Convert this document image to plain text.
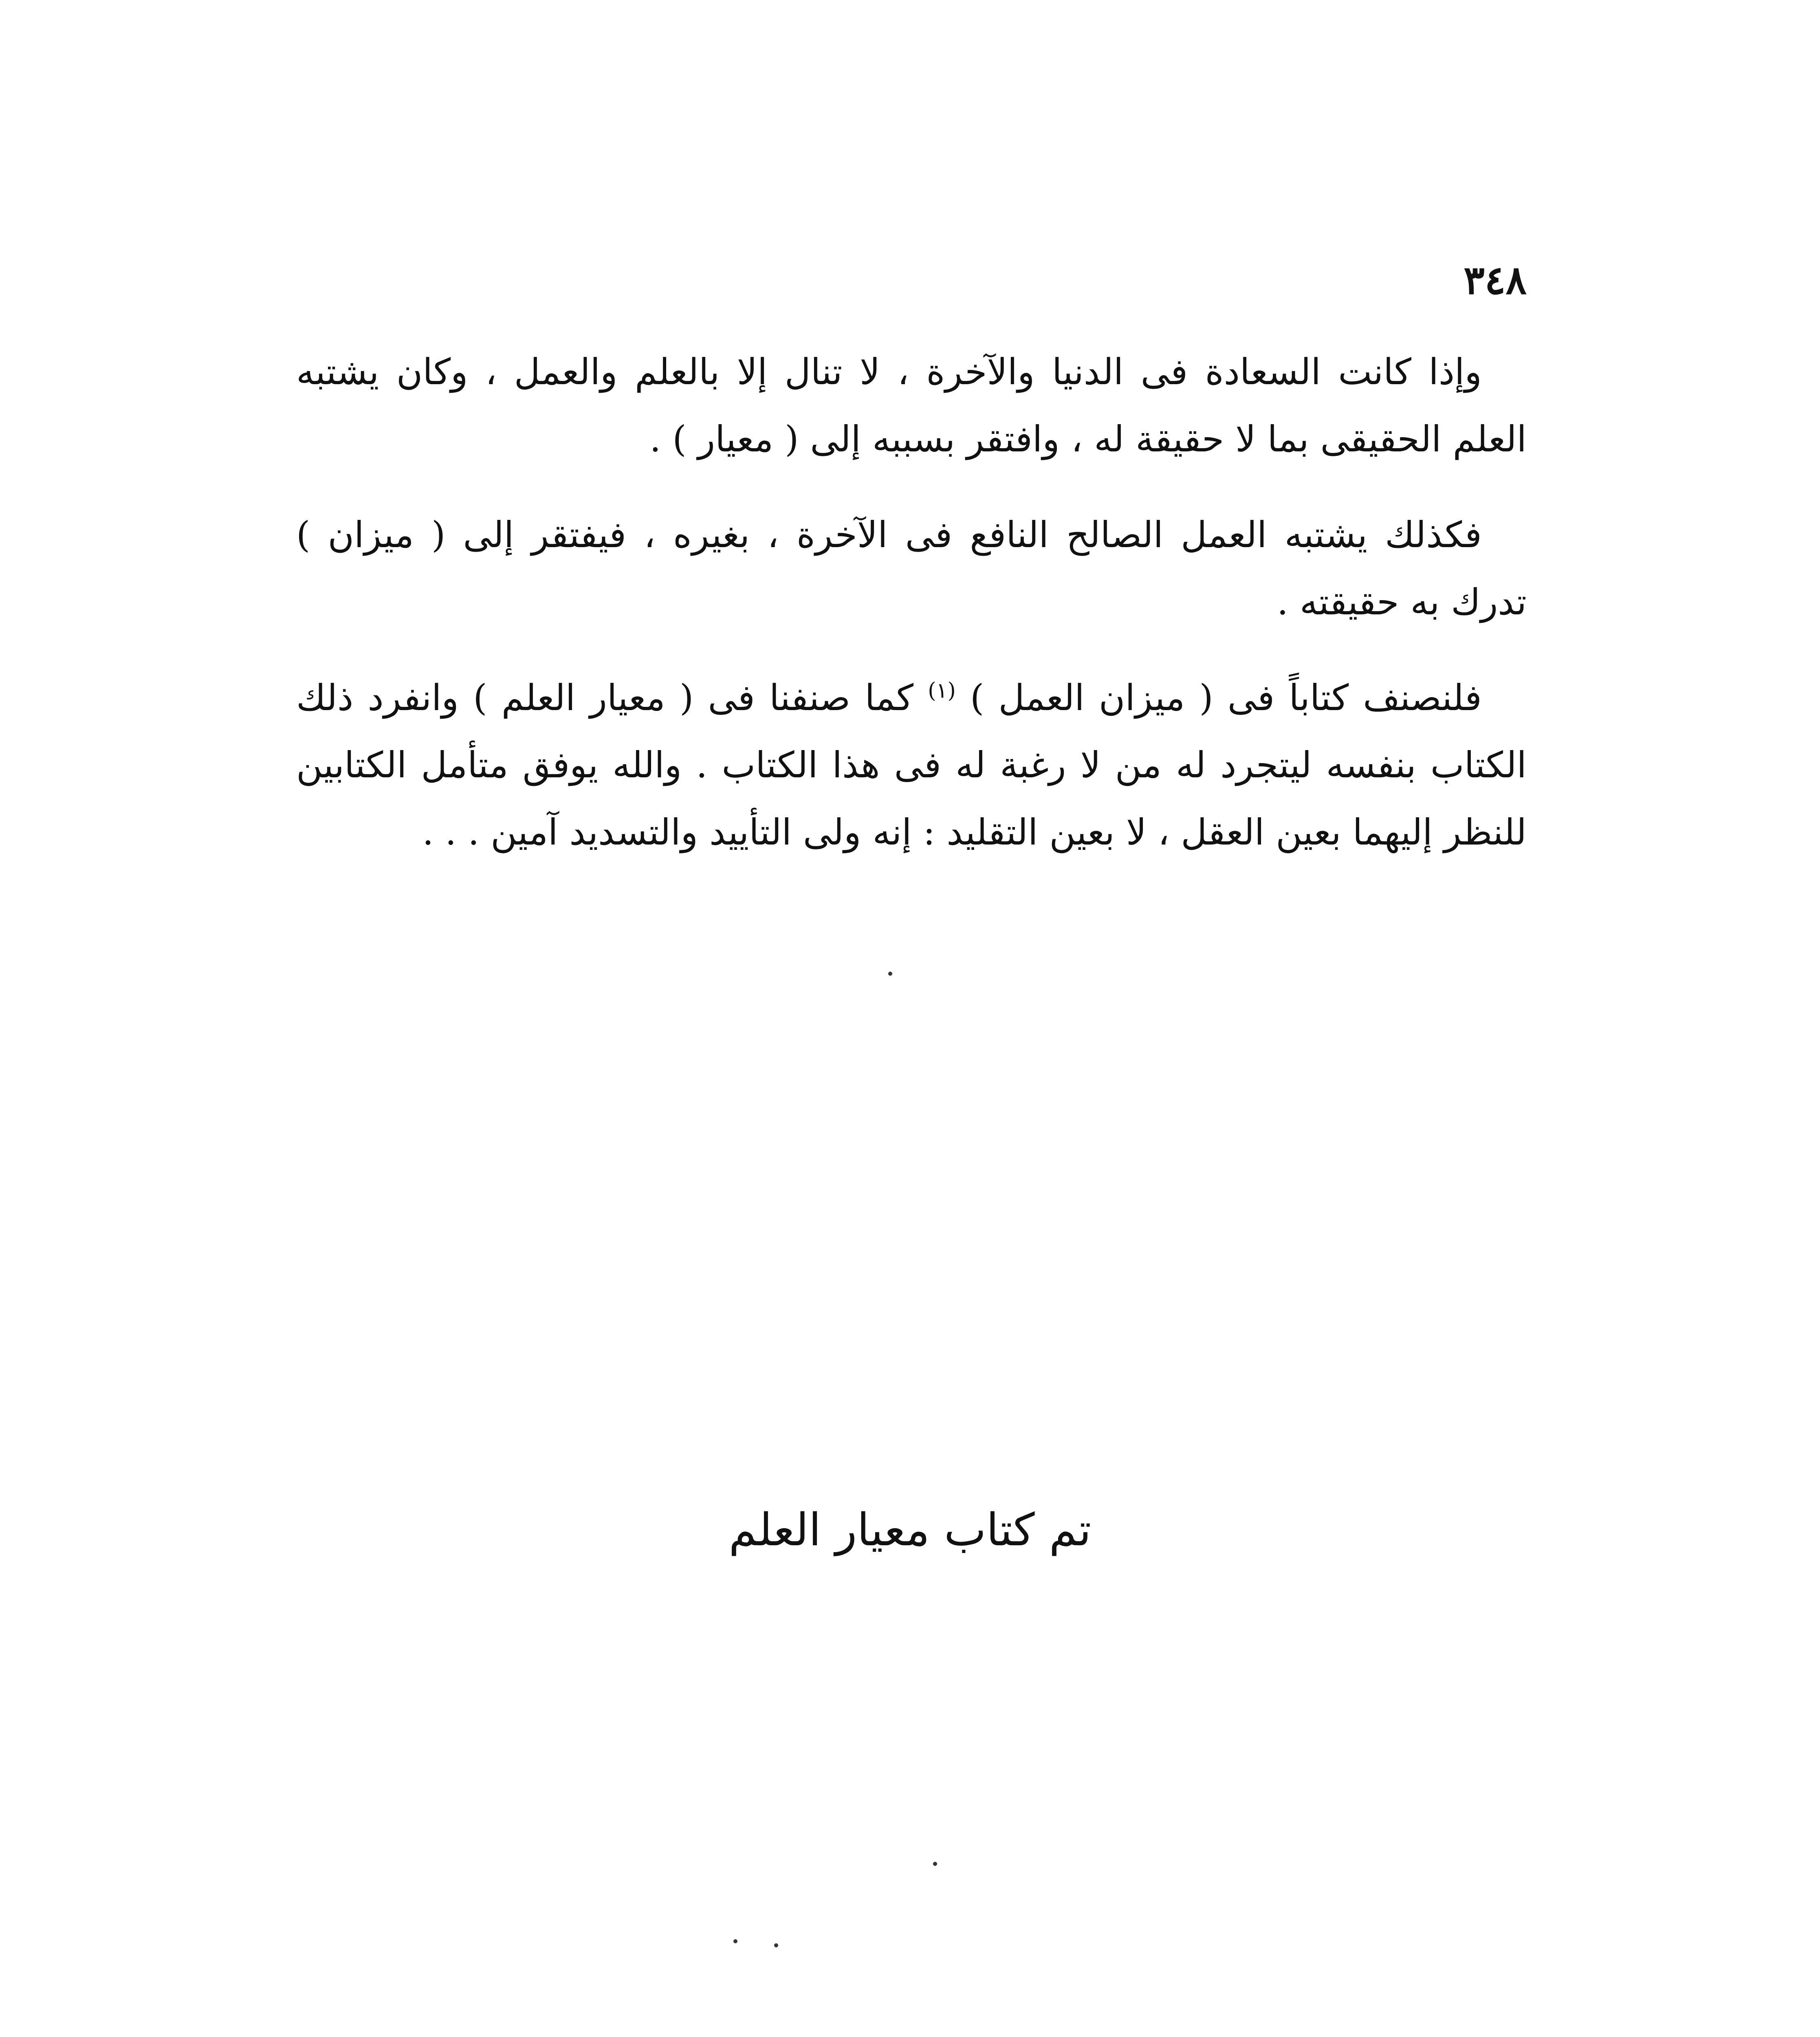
٣٤٨

وإذا كانت السعادة فى الدنيا والآخرة ، لا تنال إلا بالعلم والعمل ، وكان يشتبه العلم الحقيقى بما لا حقيقة له ، وافتقر بسببه إلى ( معيار ) .

فكذلك يشتبه العمل الصالح النافع فى الآخرة ، بغيره ، فيفتقر إلى ( ميزان ) تدرك به حقيقته .

فلنصنف كتاباً فى ( ميزان العمل ) $^{(١)}$ كما صنفنا فى ( معيار العلم ) وانفرد ذلك الكتاب بنفسه ليتجرد له من لا رغبة له فى هذا الكتاب . والله يوفق متأمل الكتابين للنظر إليهما بعين العقل ، لا بعين التقليد : إنه ولى التأييد والتسديد آمين . . .

تم كتاب معيار العلم
